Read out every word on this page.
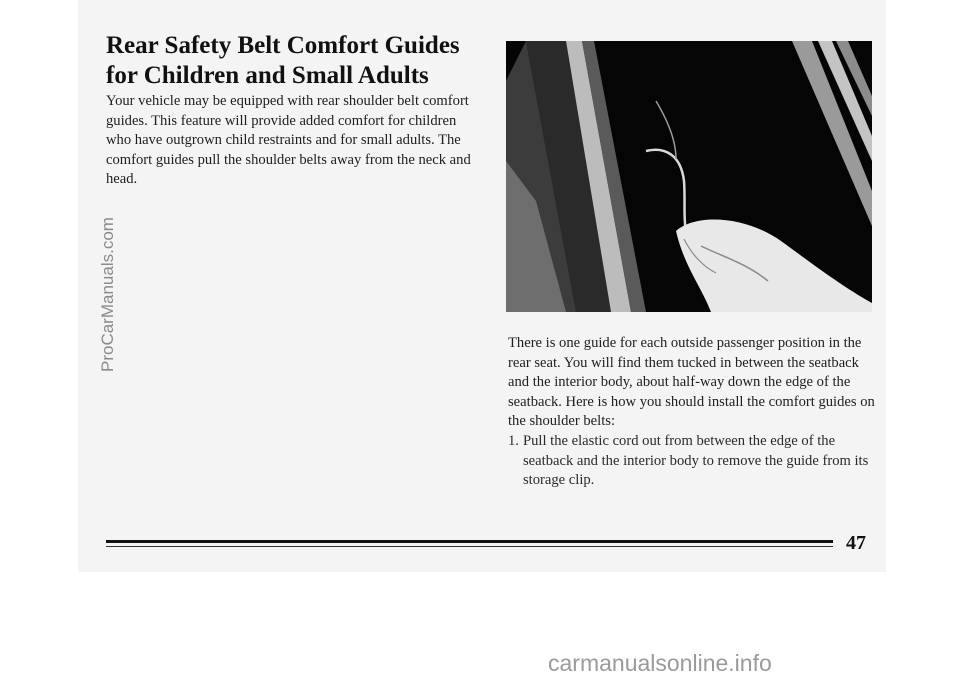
Rear Safety Belt Comfort Guides for Children and Small Adults

Your vehicle may be equipped with rear shoulder belt comfort guides. This feature will provide added comfort for children who have outgrown child restraints and for small adults. The comfort guides pull the shoulder belts away from the neck and head.

There is one guide for each outside passenger position in the rear seat. You will find them tucked in between the seatback and the interior body, about half-way down the edge of the seatback. Here is how you should install the comfort guides on the shoulder belts:

1. Pull the elastic cord out from between the edge of the seatback and the interior body to remove the guide from its storage clip.
47
ProCarManuals.com
carmanualsonline.info
